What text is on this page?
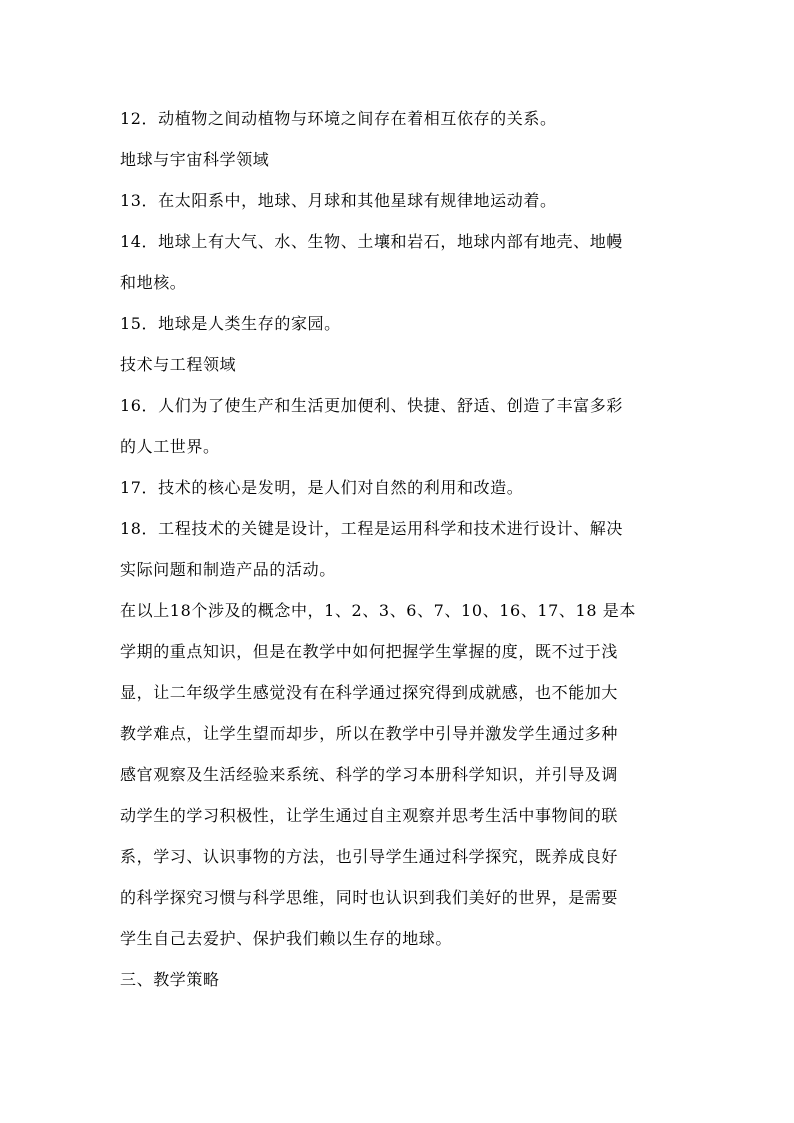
12．动植物之间动植物与环境之间存在着相互依存的关系。

地球与宇宙科学领域

13．在太阳系中，地球、月球和其他星球有规律地运动着。

14．地球上有大气、水、生物、土壤和岩石，地球内部有地壳、地幔

和地核。

15．地球是人类生存的家园。

技术与工程领域

16．人们为了使生产和生活更加便利、快捷、舒适、创造了丰富多彩

的人工世界。

17．技术的核心是发明，是人们对自然的利用和改造。

18．工程技术的关键是设计，工程是运用科学和技术进行设计、解决

实际问题和制造产品的活动。

在以上18个涉及的概念中，1、2、3、6、7、10、16、17、18 是本

学期的重点知识，但是在教学中如何把握学生掌握的度，既不过于浅

显，让二年级学生感觉没有在科学通过探究得到成就感，也不能加大

教学难点，让学生望而却步，所以在教学中引导并激发学生通过多种

感官观察及生活经验来系统、科学的学习本册科学知识，并引导及调

动学生的学习积极性，让学生通过自主观察并思考生活中事物间的联

系，学习、认识事物的方法，也引导学生通过科学探究，既养成良好

的科学探究习惯与科学思维，同时也认识到我们美好的世界，是需要

学生自己去爱护、保护我们赖以生存的地球。

三、教学策略
